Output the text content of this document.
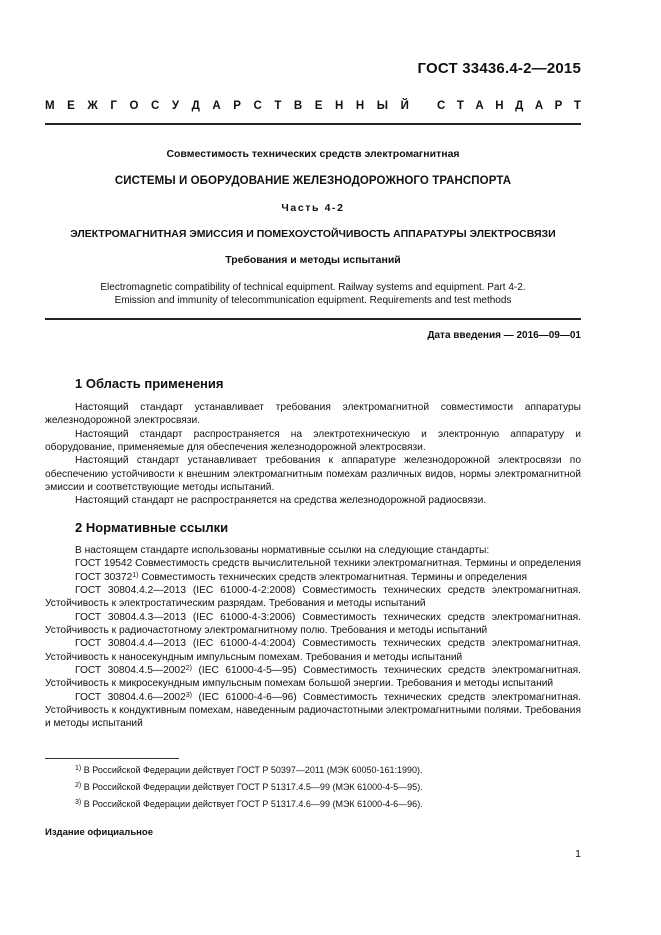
ГОСТ 33436.4-2—2015
М Е Ж Г О С У Д А Р С Т В Е Н Н Ы Й С Т А Н Д А Р Т
Совместимость технических средств электромагнитная
СИСТЕМЫ И ОБОРУДОВАНИЕ ЖЕЛЕЗНОДОРОЖНОГО ТРАНСПОРТА
Часть 4-2
ЭЛЕКТРОМАГНИТНАЯ ЭМИССИЯ И ПОМЕХОУСТОЙЧИВОСТЬ АППАРАТУРЫ ЭЛЕКТРОСВЯЗИ
Требования и методы испытаний
Electromagnetic compatibility of technical equipment. Railway systems and equipment. Part 4-2.
Emission and immunity of telecommunication equipment. Requirements and test methods
Дата введения — 2016—09—01
1 Область применения

Настоящий стандарт устанавливает требования электромагнитной совместимости аппаратуры железнодорожной электросвязи.

Настоящий стандарт распространяется на электротехническую и электронную аппаратуру и оборудование, применяемые для обеспечения железнодорожной электросвязи.

Настоящий стандарт устанавливает требования к аппаратуре железнодорожной электросвязи по обеспечению устойчивости к внешним электромагнитным помехам различных видов, нормы электромагнитной эмиссии и соответствующие методы испытаний.

Настоящий стандарт не распространяется на средства железнодорожной радиосвязи.

2 Нормативные ссылки

В настоящем стандарте использованы нормативные ссылки на следующие стандарты:

ГОСТ 19542 Совместимость средств вычислительной техники электромагнитная. Термины и определения

ГОСТ 30372$^{1)}$ Совместимость технических средств электромагнитная. Термины и определения

ГОСТ 30804.4.2—2013 (IEC 61000-4-2:2008) Совместимость технических средств электромагнитная. Устойчивость к электростатическим разрядам. Требования и методы испытаний

ГОСТ 30804.4.3—2013 (IEC 61000-4-3:2006) Совместимость технических средств электромагнитная. Устойчивость к радиочастотному электромагнитному полю. Требования и методы испытаний

ГОСТ 30804.4.4—2013 (IEC 61000-4-4:2004) Совместимость технических средств электромагнитная. Устойчивость к наносекундным импульсным помехам. Требования и методы испытаний

ГОСТ 30804.4.5—2002$^{2)}$ (IEC 61000-4-5—95) Совместимость технических средств электромагнитная. Устойчивость к микросекундным импульсным помехам большой энергии. Требования и методы испытаний

ГОСТ 30804.4.6—2002$^{3)}$ (IEC 61000-4-6—96) Совместимость технических средств электромагнитная. Устойчивость к кондуктивным помехам, наведенным радиочастотными электромагнитными полями. Требования и методы испытаний

$^{1)}$ В Российской Федерации действует ГОСТ Р 50397—2011 (МЭК 60050-161:1990).

$^{2)}$ В Российской Федерации действует ГОСТ Р 51317.4.5—99 (МЭК 61000-4-5—95).

$^{3)}$ В Российской Федерации действует ГОСТ Р 51317.4.6—99 (МЭК 61000-4-6—96).

Издание официальное
1
